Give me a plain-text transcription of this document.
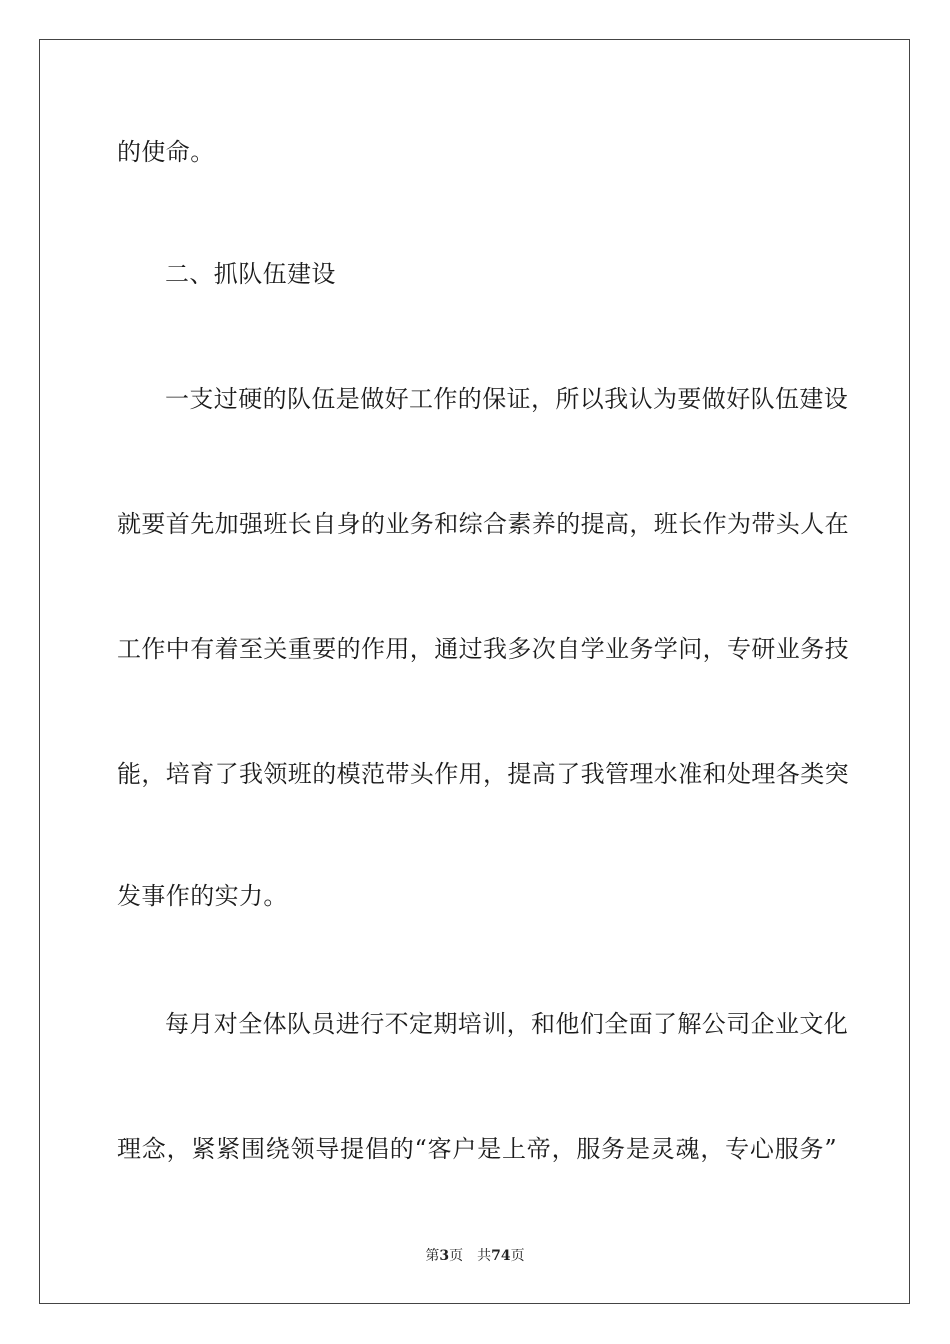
的使命。
二、抓队伍建设
一支过硬的队伍是做好工作的保证，所以我认为要做好队伍建设
就要首先加强班长自身的业务和综合素养的提高，班长作为带头人在
工作中有着至关重要的作用，通过我多次自学业务学问，专研业务技
能，培育了我领班的模范带头作用，提高了我管理水准和处理各类突
发事作的实力。
每月对全体队员进行不定期培训，和他们全面了解公司企业文化
理念，紧紧围绕领导提倡的“客户是上帝，服务是灵魂，专心服务”
第3页 共74页
